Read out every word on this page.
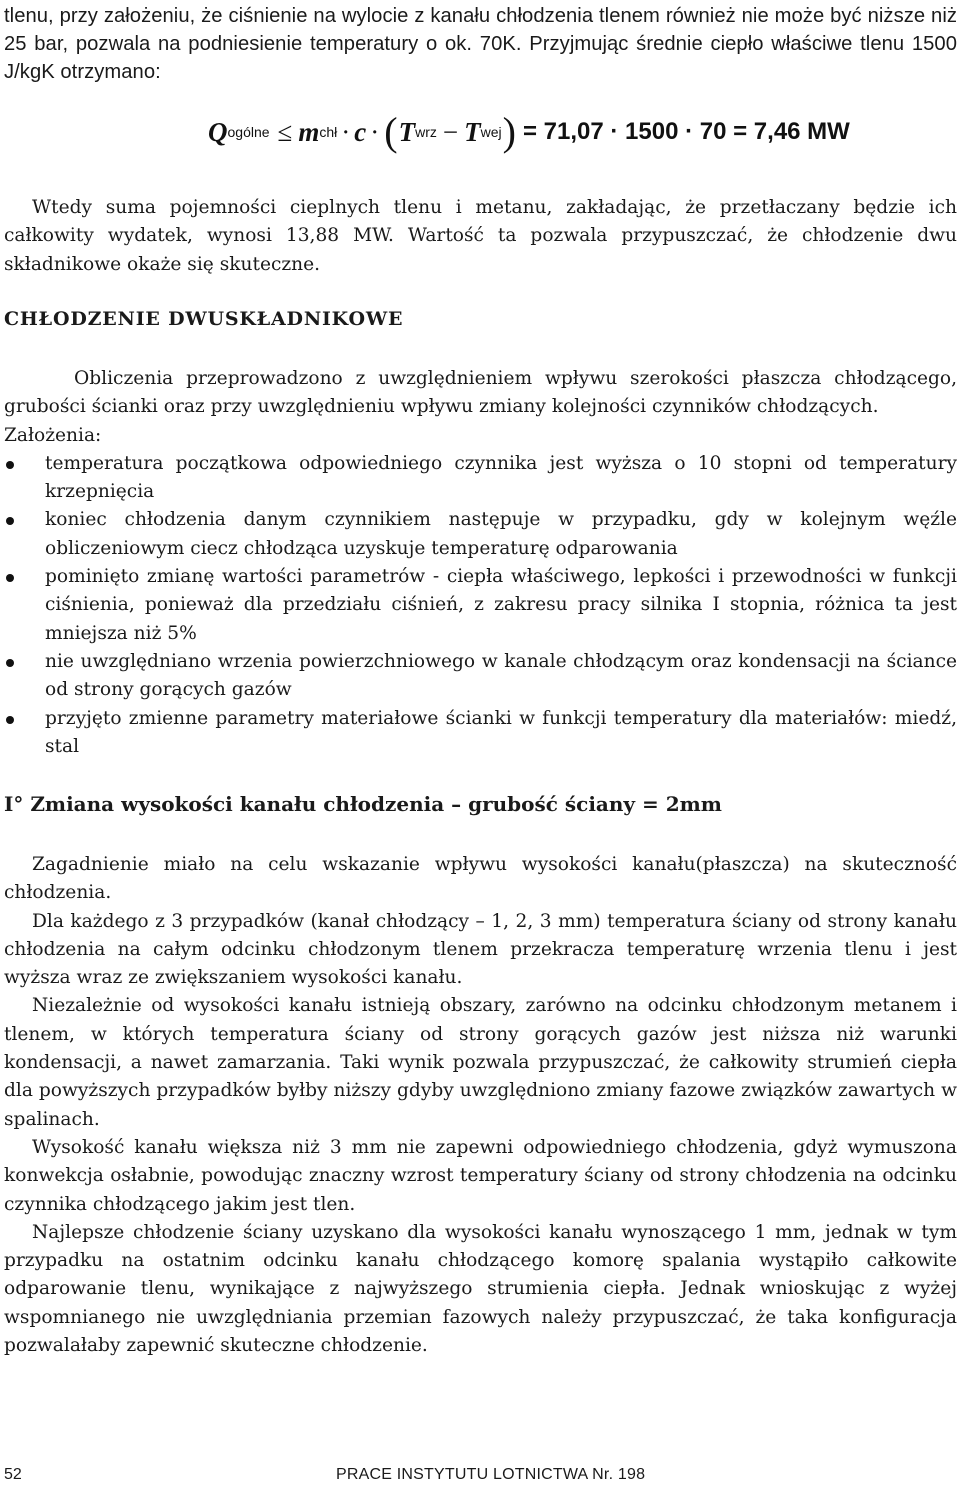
tlenu, przy założeniu, że ciśnienie na wylocie z kanału chłodzenia tlenem również nie może być niższe niż 25 bar, pozwala na podniesienie temperatury o ok. 70K. Przyjmując średnie ciepło właściwe tlenu 1500 J/kgK otrzymano:

Q ogólne ≤ m chł · c · ( T wrz − T wej ) = 71,07 · 1500 · 70 = 7,46 MW

Wtedy suma pojemności cieplnych tlenu i metanu, zakładając, że przetłaczany będzie ich całkowity wydatek, wynosi 13,88 MW. Wartość ta pozwala przypuszczać, że chłodzenie dwu składnikowe okaże się skuteczne.

CHŁODZENIE DWUSKŁADNIKOWE

Obliczenia przeprowadzono z uwzględnieniem wpływu szerokości płaszcza chłodzącego, grubości ścianki oraz przy uwzględnieniu wpływu zmiany kolejności czynników chłodzących.

Założenia:

temperatura początkowa odpowiedniego czynnika jest wyższa o 10 stopni od temperatury krzepnięcia
koniec chłodzenia danym czynnikiem następuje w przypadku, gdy w kolejnym węźle obliczeniowym ciecz chłodząca uzyskuje temperaturę odparowania
pominięto zmianę wartości parametrów - ciepła właściwego, lepkości i przewodności w funkcji ciśnienia, ponieważ dla przedziału ciśnień, z zakresu pracy silnika I stopnia, różnica ta jest mniejsza niż 5%
nie uwzględniano wrzenia powierzchniowego w kanale chłodzącym oraz kondensacji na ściance od strony gorących gazów
przyjęto zmienne parametry materiałowe ścianki w funkcji temperatury dla materiałów: miedź, stal
I° Zmiana wysokości kanału chłodzenia – grubość ściany = 2mm

Zagadnienie miało na celu wskazanie wpływu wysokości kanału(płaszcza) na skuteczność chłodzenia.

Dla każdego z 3 przypadków (kanał chłodzący – 1, 2, 3 mm) temperatura ściany od strony kanału chłodzenia na całym odcinku chłodzonym tlenem przekracza temperaturę wrzenia tlenu i jest wyższa wraz ze zwiększaniem wysokości kanału.

Niezależnie od wysokości kanału istnieją obszary, zarówno na odcinku chłodzonym metanem i tlenem, w których temperatura ściany od strony gorących gazów jest niższa niż warunki kondensacji, a nawet zamarzania. Taki wynik pozwala przypuszczać, że całkowity strumień ciepła dla powyższych przypadków byłby niższy gdyby uwzględniono zmiany fazowe związków zawartych w spalinach.

Wysokość kanału większa niż 3 mm nie zapewni odpowiedniego chłodzenia, gdyż wymuszona konwekcja osłabnie, powodując znaczny wzrost temperatury ściany od strony chłodzenia na odcinku czynnika chłodzącego jakim jest tlen.

Najlepsze chłodzenie ściany uzyskano dla wysokości kanału wynoszącego 1 mm, jednak w tym przypadku na ostatnim odcinku kanału chłodzącego komorę spalania wystąpiło całkowite odparowanie tlenu, wynikające z najwyższego strumienia ciepła. Jednak wnioskując z wyżej wspomnianego nie uwzględniania przemian fazowych należy przypuszczać, że taka konfiguracja pozwalałaby zapewnić skuteczne chłodzenie.

52	PRACE INSTYTUTU LOTNICTWA Nr. 198
